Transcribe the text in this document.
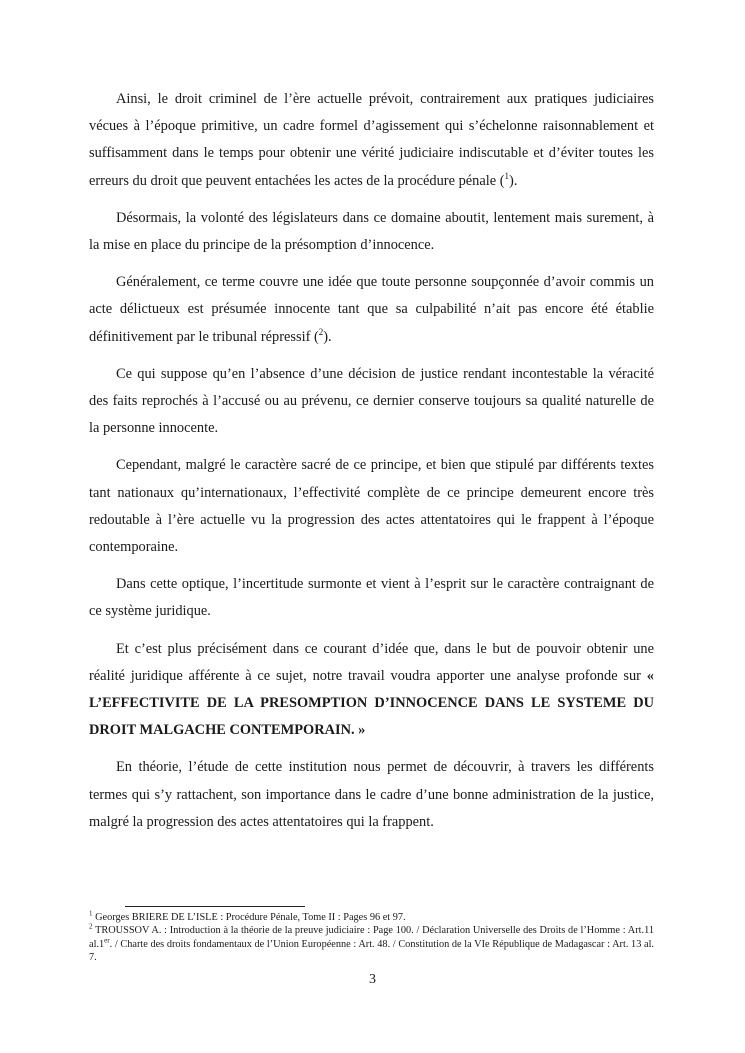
Ainsi, le droit criminel de l’ère actuelle prévoit, contrairement aux pratiques judiciaires vécues à l’époque primitive, un cadre formel d’agissement qui s’échelonne raisonnablement et suffisamment dans le temps pour obtenir une vérité judiciaire indiscutable et d’éviter toutes les erreurs du droit que peuvent entachées les actes de la procédure pénale ($^1$).

Désormais, la volonté des législateurs dans ce domaine aboutit, lentement mais surement, à la mise en place du principe de la présomption d’innocence.

Généralement, ce terme couvre une idée que toute personne soupçonnée d’avoir commis un acte délictueux est présumée innocente tant que sa culpabilité n’ait pas encore été établie définitivement par le tribunal répressif ($^2$).

Ce qui suppose qu’en l’absence d’une décision de justice rendant incontestable la véracité des faits reprochés à l’accusé ou au prévenu, ce dernier conserve toujours sa qualité naturelle de la personne innocente.

Cependant, malgré le caractère sacré de ce principe, et bien que stipulé par différents textes tant nationaux qu’internationaux, l’effectivité complète de ce principe demeurent encore très redoutable à l’ère actuelle vu la progression des actes attentatoires qui le frappent à l’époque contemporaine.

Dans cette optique, l’incertitude surmonte et vient à l’esprit sur le caractère contraignant de ce système juridique.

Et c’est plus précisément dans ce courant d’idée que, dans le but de pouvoir obtenir une réalité juridique afférente à ce sujet, notre travail voudra apporter une analyse profonde sur « L’EFFECTIVITE DE LA PRESOMPTION D’INNOCENCE DANS LE SYSTEME DU DROIT MALGACHE CONTEMPORAIN. »

En théorie, l’étude de cette institution nous permet de découvrir, à travers les différents termes qui s’y rattachent, son importance dans le cadre d’une bonne administration de la justice, malgré la progression des actes attentatoires qui la frappent.

$^1$ Georges BRIERE DE L’ISLE : Procédure Pénale, Tome II : Pages 96 et 97.

$^2$ TROUSSOV A. : Introduction à la théorie de la preuve judiciaire : Page 100. / Déclaration Universelle des Droits de l’Homme : Art.11 al.1er. / Charte des droits fondamentaux de l’Union Européenne : Art. 48. / Constitution de la VIe République de Madagascar : Art. 13 al. 7.

3
